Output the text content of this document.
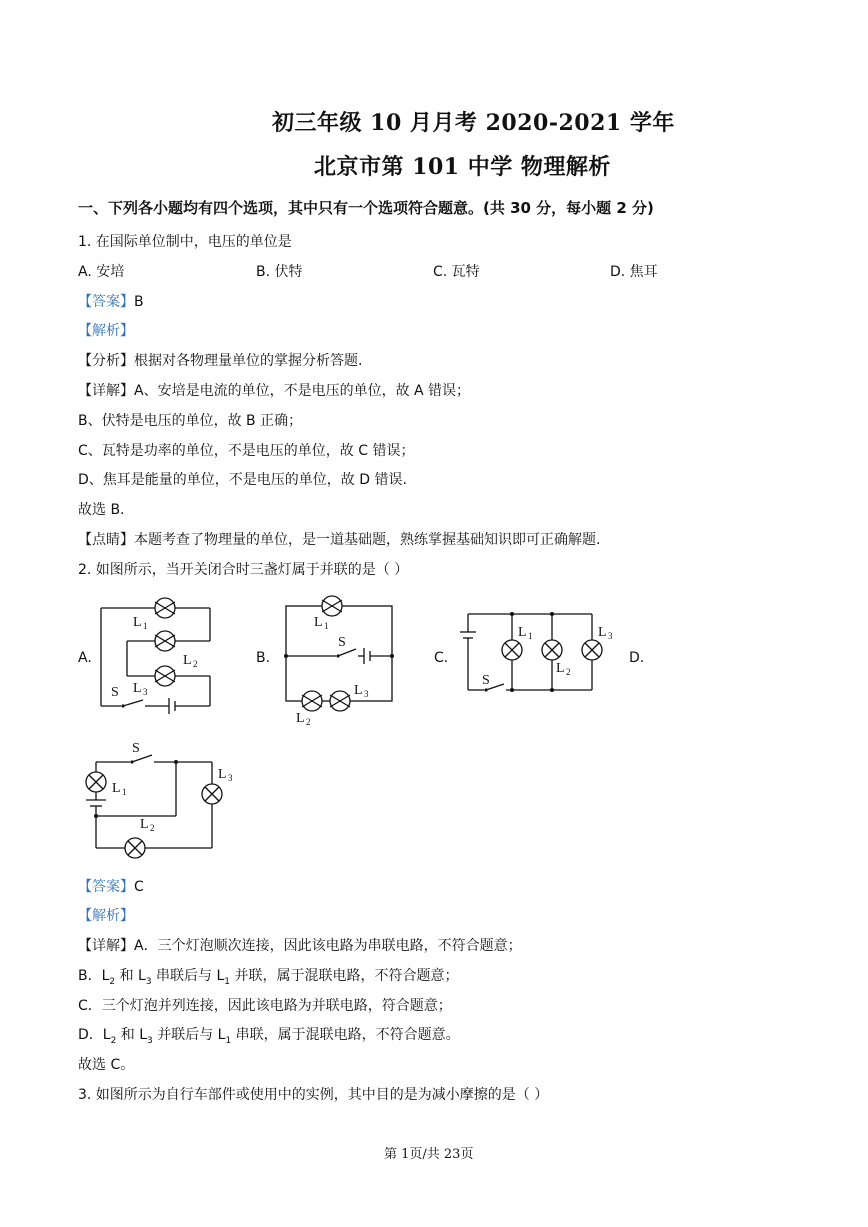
初三年级 10 月月考 2020-2021 学年
北京市第 101 中学 物理解析
一、下列各小题均有四个选项，其中只有一个选项符合题意。(共 30 分，每小题 2 分)
1. 在国际单位制中，电压的单位是
A. 安培	B. 伏特	C. 瓦特	D. 焦耳
【答案】B
【解析】
【分析】根据对各物理量单位的掌握分析答题.
【详解】A、安培是电流的单位，不是电压的单位，故 A 错误；
B、伏特是电压的单位，故 B 正确；
C、瓦特是功率的单位，不是电压的单位，故 C 错误；
D、焦耳是能量的单位，不是电压的单位，故 D 错误.
故选 B.
【点睛】本题考查了物理量的单位，是一道基础题，熟练掌握基础知识即可正确解题.
2. 如图所示，当开关闭合时三盏灯属于并联的是（ ）
A.	B.	C.	D.
L 1
L 2
L 3
S
L 1
S
L 2
L 3
L 1
L 2
L 3
S
S
L 1
L 2
L 3
【答案】C
【解析】
【详解】A．三个灯泡顺次连接，因此该电路为串联电路，不符合题意；
B．$L_2$ 和 $L_3$ 串联后与 $L_1$ 并联，属于混联电路，不符合题意；
C．三个灯泡并列连接，因此该电路为并联电路，符合题意；
D．$L_2$ 和 $L_3$ 并联后与 $L_1$ 串联，属于混联电路，不符合题意。
故选 C。
3. 如图所示为自行车部件或使用中的实例，其中目的是为减小摩擦的是（ ）
第 1页/共 23页
